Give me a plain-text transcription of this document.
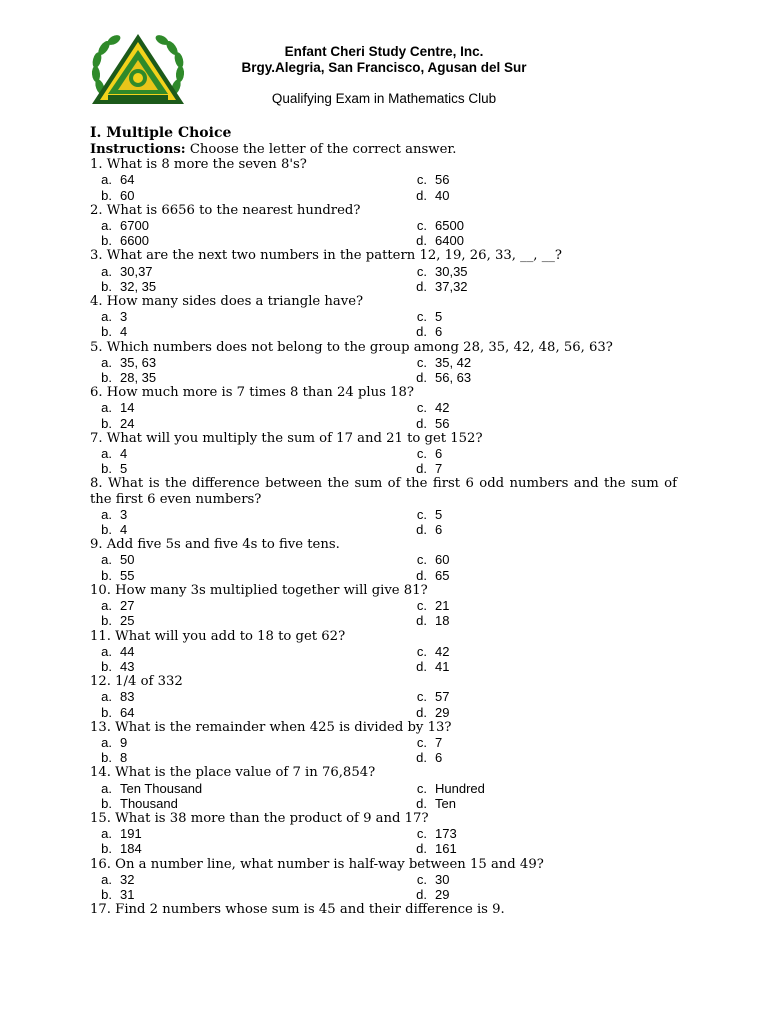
Enfant Cheri Study Centre, Inc.
Brgy.Alegria, San Francisco, Agusan del Sur
Qualifying Exam in Mathematics Club
I. Multiple Choice
Instructions: Choose the letter of the correct answer.
1. What is 8 more the seven 8's?
a. 64	c. 56
b. 60	d. 40
2. What is 6656 to the nearest hundred?
a. 6700	c. 6500
b. 6600	d. 6400
3. What are the next two numbers in the pattern 12, 19, 26, 33, __, __?
a. 30,37	c. 30,35
b. 32, 35	d. 37,32
4. How many sides does a triangle have?
a. 3	c. 5
b. 4	d. 6
5. Which numbers does not belong to the group among 28, 35, 42, 48, 56, 63?
a. 35, 63	c. 35, 42
b. 28, 35	d. 56, 63
6. How much more is 7 times 8 than 24 plus 18?
a. 14	c. 42
b. 24	d. 56
7. What will you multiply the sum of 17 and 21 to get 152?
a. 4	c. 6
b. 5	d. 7
8. What is the difference between the sum of the first 6 odd numbers and the sum of the first 6 even numbers?
a. 3	c. 5
b. 4	d. 6
9. Add five 5s and five 4s to five tens.
a. 50	c. 60
b. 55	d. 65
10. How many 3s multiplied together will give 81?
a. 27	c. 21
b. 25	d. 18
11. What will you add to 18 to get 62?
a. 44	c. 42
b. 43	d. 41
12. 1/4 of 332
a. 83	c. 57
b. 64	d. 29
13. What is the remainder when 425 is divided by 13?
a. 9	c. 7
b. 8	d. 6
14. What is the place value of 7 in 76,854?
a. Ten Thousand	c. Hundred
b. Thousand	d. Ten
15. What is 38 more than the product of 9 and 17?
a. 191	c. 173
b. 184	d. 161
16. On a number line, what number is half-way between 15 and 49?
a. 32	c. 30
b. 31	d. 29
17. Find 2 numbers whose sum is 45 and their difference is 9.
